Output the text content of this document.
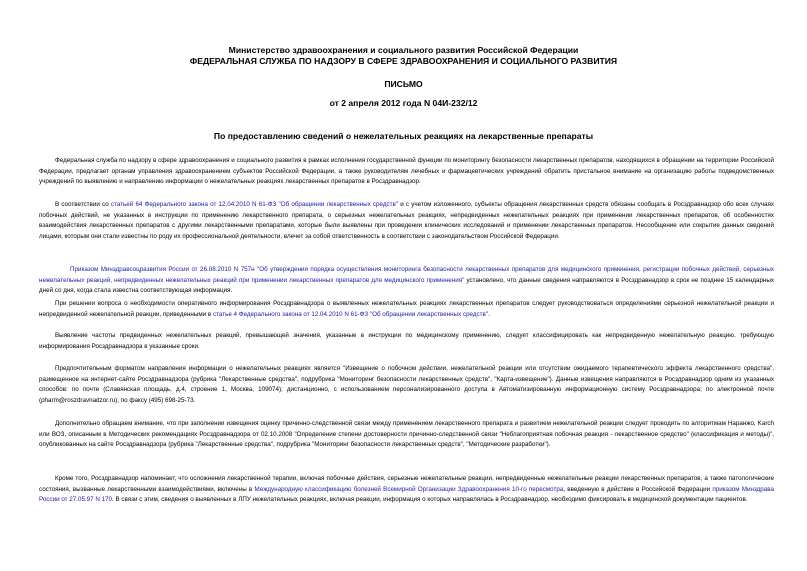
Министерство здравоохранения и социального развития Российской Федерации
ФЕДЕРАЛЬНАЯ СЛУЖБА ПО НАДЗОРУ В СФЕРЕ ЗДРАВООХРАНЕНИЯ И СОЦИАЛЬНОГО РАЗВИТИЯ
ПИСЬМО
от 2 апреля 2012 года N 04И-232/12
По предоставлению сведений о нежелательных реакциях на лекарственные препараты

Федеральная служба по надзору в сфере здравоохранения и социального развития в рамках исполнения государственной функции по мониторингу безопасности лекарственных препаратов, находящихся в обращении на территории Российской Федерации, предлагает органам управления здравоохранением субъектов Российской Федерации, а также руководителям лечебных и фармацевтических учреждений обратить пристальное внимание на организацию работы подведомственных учреждений по выявлению и направлению информации о нежелательных реакциях лекарственных препаратов в Росздравнадзор.

В соответствии со статьей 64 Федерального закона от 12.04.2010 N 61-ФЗ "Об обращении лекарственных средств" и с учетом изложенного, субъекты обращения лекарственных средств обязаны сообщать в Росздравнадзор обо всех случаях побочных действий, не указанных в инструкции по применению лекарственного препарата, о серьезных нежелательных реакциях, непредвиденных нежелательных реакциях при применении лекарственных препаратов, об особенностях взаимодействия лекарственных препаратов с другими лекарственными препаратами, которые были выявлены при проведении клинических исследований и применении лекарственных препаратов. Несообщение или сокрытие данных сведений лицами, которым они стали известны по роду их профессиональной деятельности, влечет за собой ответственность в соответствии с законодательством Российской Федерации.

Приказом Минздравсоцразвития России от 26.08.2010 N 757н "Об утверждении порядка осуществления мониторинга безопасности лекарственных препаратов для медицинского применения, регистрации побочных действий, серьезных нежелательных реакций, непредвиденных нежелательных реакций при применении лекарственных препаратов для медицинского применения" установлено, что данные сведения направляются в Росздравнадзор в срок не позднее 15 календарных дней со дня, когда стала известна соответствующая информация.

При решении вопроса о необходимости оперативного информирования Росздравнадзора о выявленных нежелательных реакциях лекарственных препаратов следует руководствоваться определениями серьезной нежелательной реакции и непредвиденной нежелательной реакции, приведенными в статье 4 Федерального закона от 12.04.2010 N 61-ФЗ "Об обращении лекарственных средств".

Выявление частоты предвиденных нежелательных реакций, превышающей значения, указанные в инструкции по медицинскому применению, следует классифицировать как непредвиденную нежелательную реакцию, требующую информирования Росздравнадзора в указанные сроки.

Предпочтительным форматом направления информации о нежелательных реакциях является "Извещение о побочном действии, нежелательной реакции или отсутствии ожидаемого терапевтического эффекта лекарственного средства", размещенное на интернет-сайте Росздравнадзора (рубрика "Лекарственные средства", подрубрика "Мониторинг безопасности лекарственных средств", "Карта-извещение"). Данные извещения направляются в Росздравнадзор одним из указанных способов: по почте (Славянская площадь, д.4, строение 1, Москва, 109074); дистанционно, с использованием персонализированного доступа в Автоматизированную информационную систему Росздравнадзора; по электронной почте (pharm@roszdravnadzor.ru); по факсу (495) 698-25-73.

Дополнительно обращаем внимание, что при заполнении извещения оценку причинно-следственной связи между применением лекарственного препарата и развитием нежелательной реакции следует проводить по алгоритмам Наранжо, Karch или ВОЗ, описанным в Методических рекомендациях Росздравнадзора от 02.10.2008 "Определение степени достоверности причинно-следственной связи "Неблагоприятная побочная реакция - лекарственное средство" (классификация и методы)", опубликованных на сайте Росздравнадзора (рубрика "Лекарственные средства", подрубрика "Мониторинг безопасности лекарственных средств", "Методические разработки").

Кроме того, Росздравнадзор напоминает, что осложнения лекарственной терапии, включая побочные действия, серьезные нежелательные реакции, непредвиденные нежелательные реакции лекарственных препаратов, а также патологические состояния, вызванные лекарственными взаимодействиями, включены в Международную классификацию болезней Всемирной Организации Здравоохранения 10-го пересмотра, введенную в действие в Российской Федерации приказом Минздрава России от 27.05.97 N 170. В связи с этим, сведения о выявленных в ЛПУ нежелательных реакциях, включая реакции, информация о которых направлялась в Росздравнадзор, необходимо фиксировать в медицинской документации пациентов.
